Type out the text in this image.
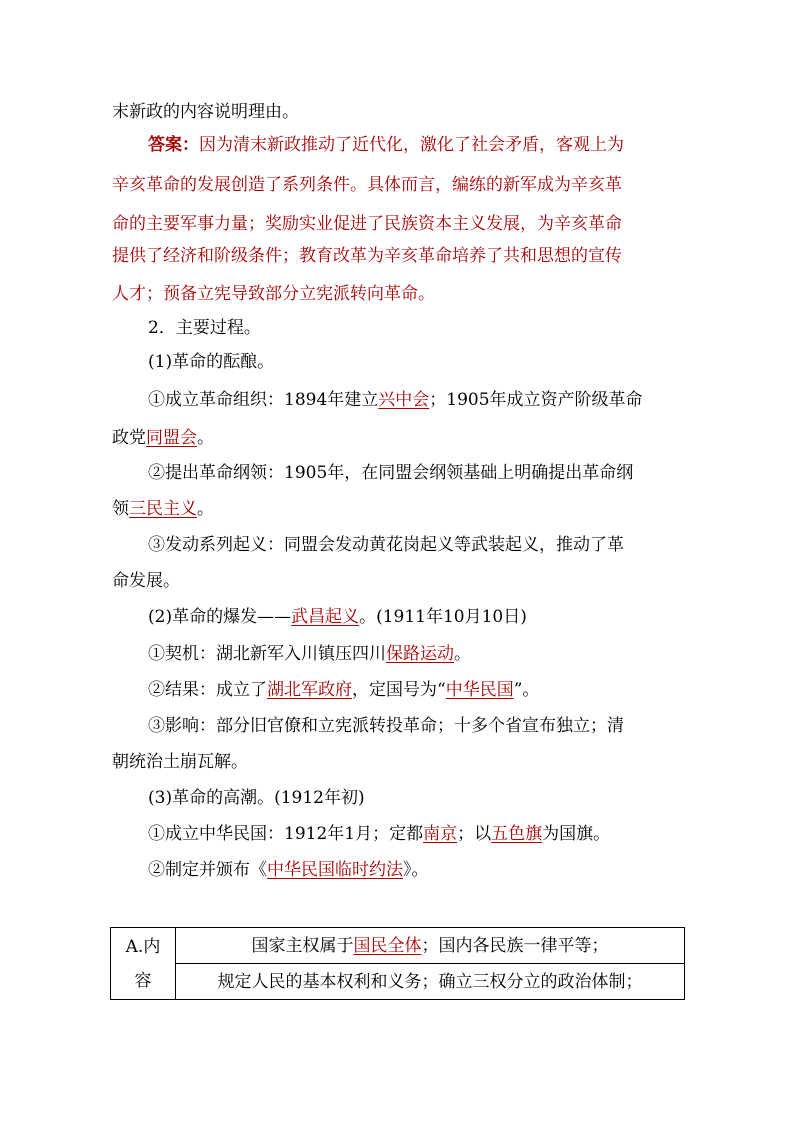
末新政的内容说明理由。
答案：因为清末新政推动了近代化，激化了社会矛盾，客观上为
辛亥革命的发展创造了系列条件。具体而言，编练的新军成为辛亥革
命的主要军事力量；奖励实业促进了民族资本主义发展，为辛亥革命
提供了经济和阶级条件；教育改革为辛亥革命培养了共和思想的宣传
人才；预备立宪导致部分立宪派转向革命。
2．主要过程。
(1)革命的酝酿。
①成立革命组织：1894年建立兴中会；1905年成立资产阶级革命
政党同盟会。
②提出革命纲领：1905年，在同盟会纲领基础上明确提出革命纲
领三民主义。
③发动系列起义：同盟会发动黄花岗起义等武装起义，推动了革
命发展。
(2)革命的爆发——武昌起义。(1911年10月10日)
①契机：湖北新军入川镇压四川保路运动。
②结果：成立了湖北军政府，定国号为“中华民国”。
③影响：部分旧官僚和立宪派转投革命；十多个省宣布独立；清
朝统治土崩瓦解。
(3)革命的高潮。(1912年初)
①成立中华民国：1912年1月；定都南京；以五色旗为国旗。
②制定并颁布《中华民国临时约法》。
A.内
容
	国家主权属于国民全体；国内各民族一律平等；
规定人民的基本权利和义务；确立三权分立的政治体制；
